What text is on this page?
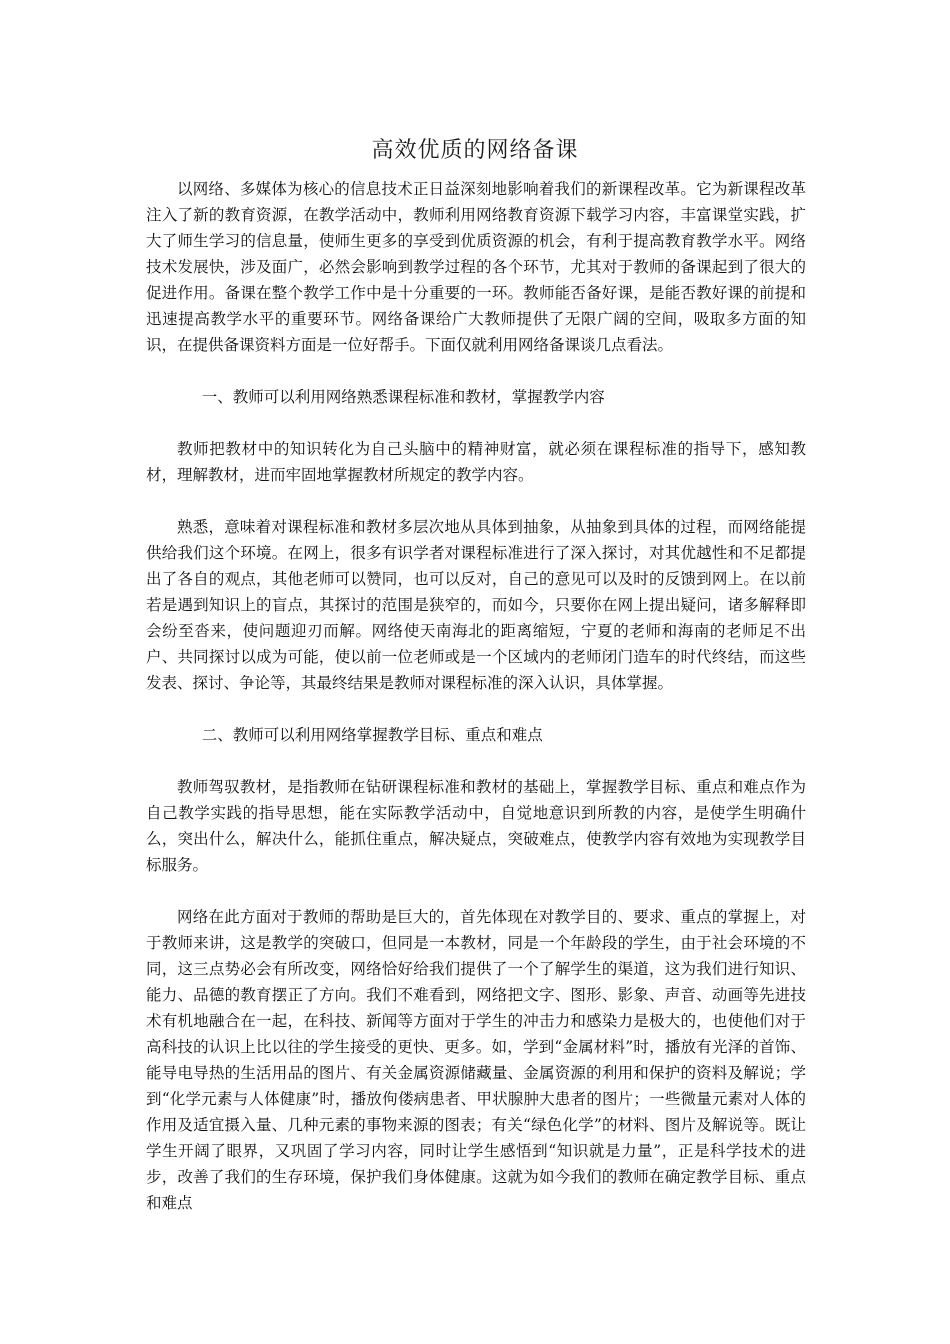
高效优质的网络备课

以网络、多媒体为核心的信息技术正日益深刻地影响着我们的新课程改革。它为新课程改革注入了新的教育资源，在教学活动中，教师利用网络教育资源下载学习内容，丰富课堂实践，扩大了师生学习的信息量，使师生更多的享受到优质资源的机会，有利于提高教育教学水平。网络技术发展快，涉及面广，必然会影响到教学过程的各个环节，尤其对于教师的备课起到了很大的促进作用。备课在整个教学工作中是十分重要的一环。教师能否备好课，是能否教好课的前提和迅速提高教学水平的重要环节。网络备课给广大教师提供了无限广阔的空间，吸取多方面的知识，在提供备课资料方面是一位好帮手。下面仅就利用网络备课谈几点看法。

一、教师可以利用网络熟悉课程标准和教材，掌握教学内容

教师把教材中的知识转化为自己头脑中的精神财富，就必须在课程标准的指导下，感知教材，理解教材，进而牢固地掌握教材所规定的教学内容。

熟悉，意味着对课程标准和教材多层次地从具体到抽象，从抽象到具体的过程，而网络能提供给我们这个环境。在网上，很多有识学者对课程标准进行了深入探讨，对其优越性和不足都提出了各自的观点，其他老师可以赞同，也可以反对，自己的意见可以及时的反馈到网上。在以前若是遇到知识上的盲点，其探讨的范围是狭窄的，而如今，只要你在网上提出疑问，诸多解释即会纷至沓来，使问题迎刃而解。网络使天南海北的距离缩短，宁夏的老师和海南的老师足不出户、共同探讨以成为可能，使以前一位老师或是一个区域内的老师闭门造车的时代终结，而这些发表、探讨、争论等，其最终结果是教师对课程标准的深入认识，具体掌握。

二、教师可以利用网络掌握教学目标、重点和难点

教师驾驭教材，是指教师在钻研课程标准和教材的基础上，掌握教学目标、重点和难点作为自己教学实践的指导思想，能在实际教学活动中，自觉地意识到所教的内容，是使学生明确什么，突出什么，解决什么，能抓住重点，解决疑点，突破难点，使教学内容有效地为实现教学目标服务。

网络在此方面对于教师的帮助是巨大的，首先体现在对教学目的、要求、重点的掌握上，对于教师来讲，这是教学的突破口，但同是一本教材，同是一个年龄段的学生，由于社会环境的不同，这三点势必会有所改变，网络恰好给我们提供了一个了解学生的渠道，这为我们进行知识、能力、品德的教育摆正了方向。我们不难看到，网络把文字、图形、影象、声音、动画等先进技术有机地融合在一起，在科技、新闻等方面对于学生的冲击力和感染力是极大的，也使他们对于高科技的认识上比以往的学生接受的更快、更多。如，学到“金属材料”时，播放有光泽的首饰、能导电导热的生活用品的图片、有关金属资源储藏量、金属资源的利用和保护的资料及解说；学到“化学元素与人体健康”时，播放佝偻病患者、甲状腺肿大患者的图片；一些微量元素对人体的作用及适宜摄入量、几种元素的事物来源的图表；有关“绿色化学”的材料、图片及解说等。既让学生开阔了眼界，又巩固了学习内容，同时让学生感悟到“知识就是力量”，正是科学技术的进步，改善了我们的生存环境，保护我们身体健康。这就为如今我们的教师在确定教学目标、重点和难点
